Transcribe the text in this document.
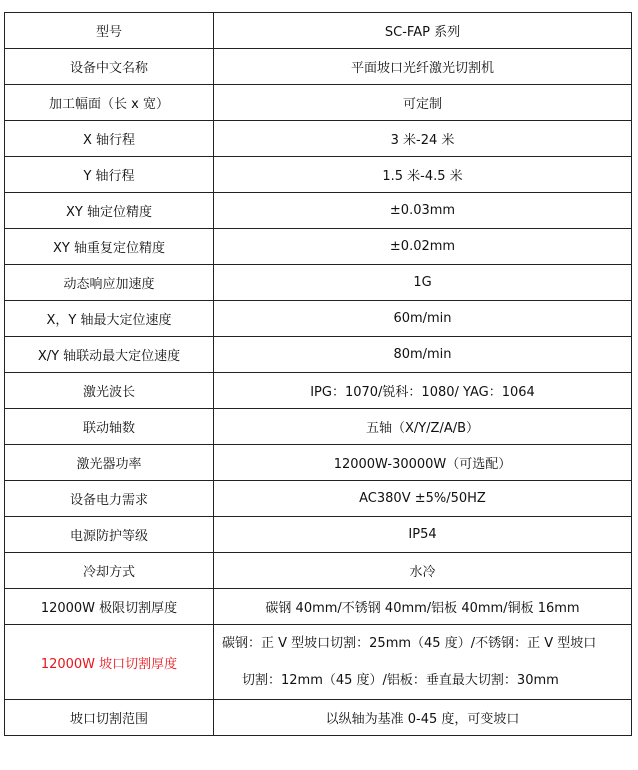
型号	SC-FAP 系列
设备中文名称	平面坡口光纤激光切割机
加工幅面（长 x 宽）	可定制
X 轴行程	3 米-24 米
Y 轴行程	1.5 米-4.5 米
XY 轴定位精度	±0.03mm
XY 轴重复定位精度	±0.02mm
动态响应加速度	1G
X，Y 轴最大定位速度	60m/min
X/Y 轴联动最大定位速度	80m/min
激光波长	IPG：1070/锐科：1080/ YAG：1064
联动轴数	五轴（X/Y/Z/A/B）
激光器功率	12000W-30000W（可选配）
设备电力需求	AC380V ±5%/50HZ
电源防护等级	IP54
冷却方式	水冷
12000W 极限切割厚度	碳钢 40mm/不锈钢 40mm/铝板 40mm/铜板 16mm
12000W 坡口切割厚度	碳钢：正 V 型坡口切割：25mm（45 度）/不锈钢：正 V 型坡口
切割：12mm（45 度）/铝板：垂直最大切割：30mm

坡口切割范围	以纵轴为基准 0-45 度，可变坡口
